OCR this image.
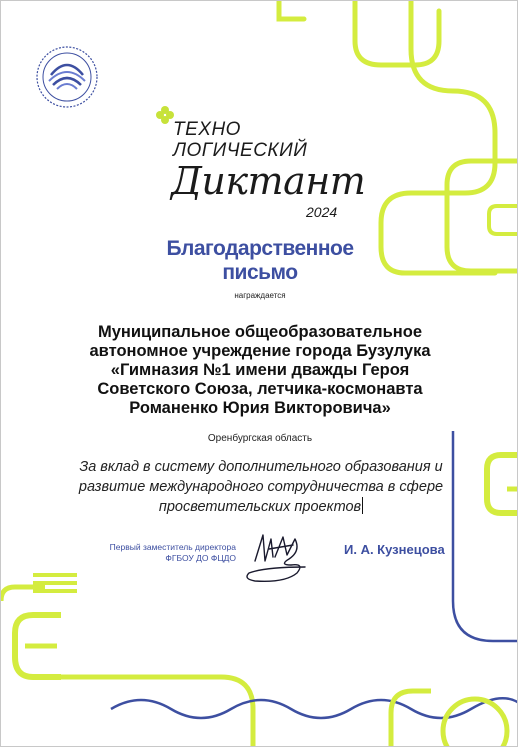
ТЕХНО
ЛОГИЧЕСКИЙ
Диктант
2024
Благодарственное
письмо
награждается
Муниципальное общеобразовательное
автономное учреждение города Бузулука
«Гимназия №1 имени дважды Героя
Советского Союза, летчика-космонавта
Романенко Юрия Викторовича»
Оренбургская область
За вклад в систему дополнительного образования и
развитие международного сотрудничества в сфере
просветительских проектов
Первый заместитель директора
ФГБОУ ДО ФЦДО
И. А. Кузнецова
